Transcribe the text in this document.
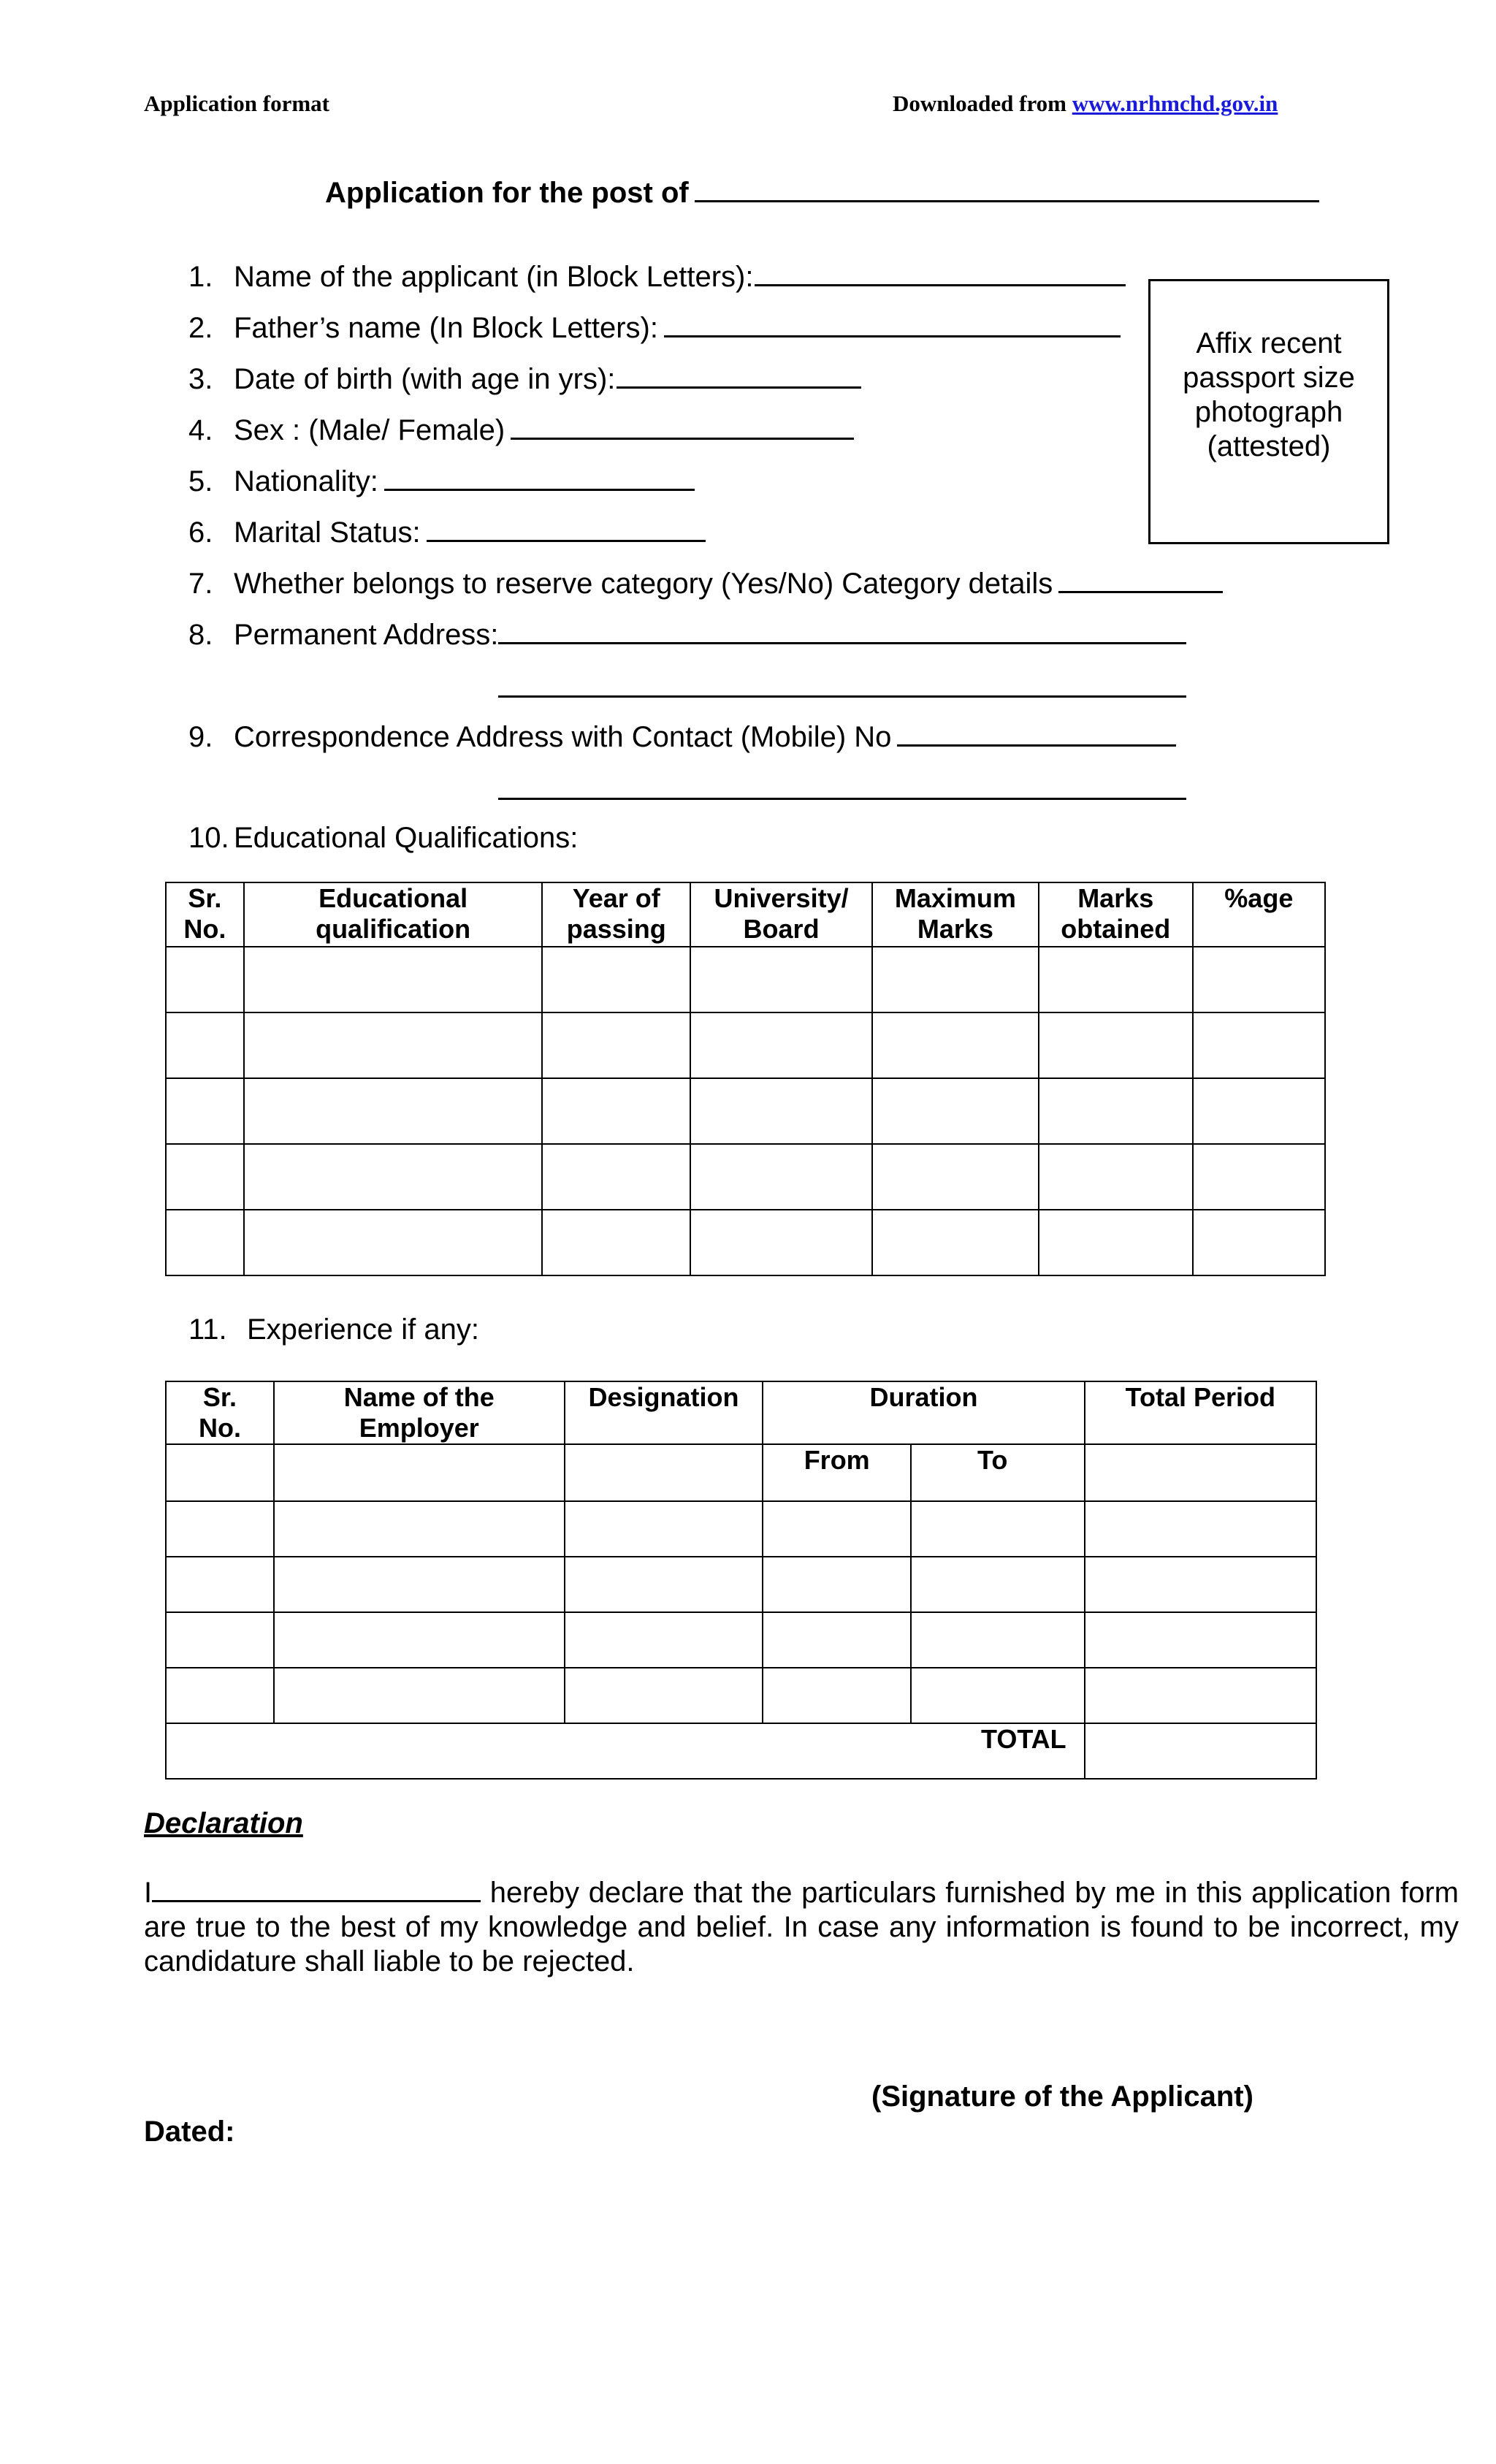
Application format	Downloaded from www.nrhmchd.gov.in
Application for the post of
1. Name of the applicant (in Block Letters):
2. Father’s name (In Block Letters):
3. Date of birth (with age in yrs):
4. Sex : (Male/ Female)
5. Nationality:
6. Marital Status:
7. Whether belongs to reserve category (Yes/No) Category details
8. Permanent Address:
9. Correspondence Address with Contact (Mobile) No
Affix recent passport size photograph (attested)
10. Educational Qualifications:
Sr. No.	Educational qualification	Year of passing	University/ Board	Maximum Marks	Marks obtained	%age

11. Experience if any:
Sr. No.	Name of the Employer	Designation	Duration		Total Period
			From	To	

TOTAL					
Declaration
I	hereby declare that the particulars furnished by me in this application form are true to the best of my knowledge and belief. In case any information is found to be incorrect, my candidature shall liable to be rejected.
(Signature of the Applicant)
Dated:
